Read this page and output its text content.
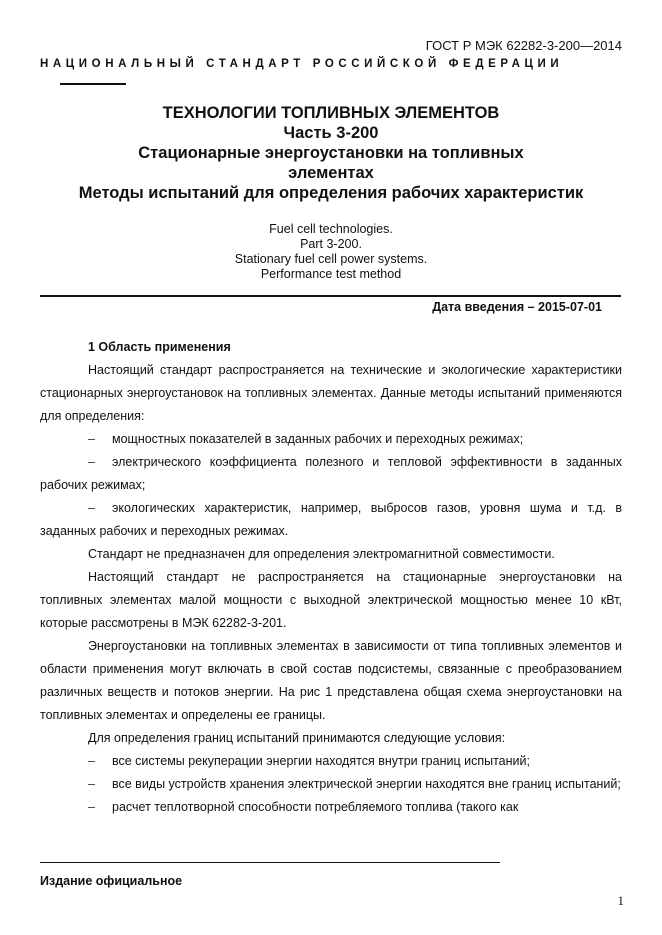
ГОСТ Р МЭК 62282-3-200—2014
НАЦИОНАЛЬНЫЙ СТАНДАРТ РОССИЙСКОЙ ФЕДЕРАЦИИ
ТЕХНОЛОГИИ ТОПЛИВНЫХ ЭЛЕМЕНТОВ
Часть 3-200
Стационарные энергоустановки на топливных
элементах
Методы испытаний для определения рабочих характеристик
Fuel cell technologies.
Part 3-200.
Stationary fuel cell power systems.
Performance test method
Дата введения – 2015-07-01

1 Область применения

Настоящий стандарт распространяется на технические и экологические характеристики стационарных энергоустановок на топливных элементах. Данные методы испытаний применяются для определения:

– мощностных показателей в заданных рабочих и переходных режимах;

– электрического коэффициента полезного и тепловой эффективности в заданных рабочих режимах;

– экологических характеристик, например, выбросов газов, уровня шума и т.д. в заданных рабочих и переходных режимах.

Стандарт не предназначен для определения электромагнитной совместимости.

Настоящий стандарт не распространяется на стационарные энергоустановки на топливных элементах малой мощности с выходной электрической мощностью менее 10 кВт, которые рассмотрены в МЭК 62282-3-201.

Энергоустановки на топливных элементах в зависимости от типа топливных элементов и области применения могут включать в свой состав подсистемы, связанные с преобразованием различных веществ и потоков энергии. На рис 1 представлена общая схема энергоустановки на топливных элементах и определены ее границы.

Для определения границ испытаний принимаются следующие условия:

– все системы рекуперации энергии находятся внутри границ испытаний;

– все виды устройств хранения электрической энергии находятся вне границ испытаний;

– расчет теплотворной способности потребляемого топлива (такого как

Издание официальное
1
